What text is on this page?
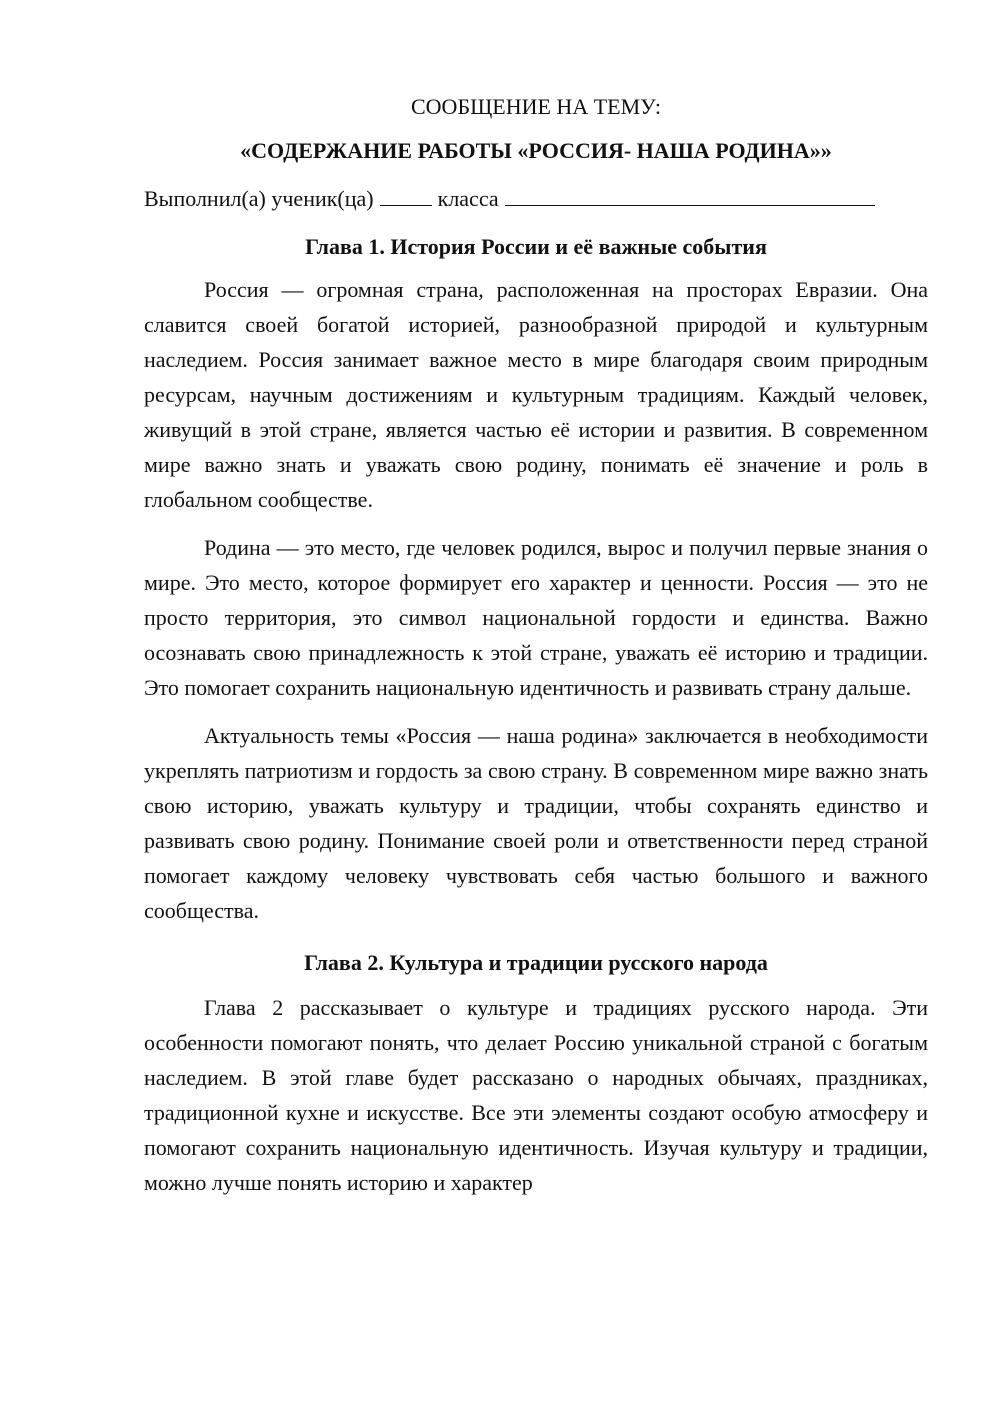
СООБЩЕНИЕ НА ТЕМУ:

«СОДЕРЖАНИЕ РАБОТЫ «РОССИЯ- НАША РОДИНА»»

Выполнил(а) ученик(ца)	класса

Глава 1. История России и её важные события

Россия — огромная страна, расположенная на просторах Евразии. Она славится своей богатой историей, разнообразной природой и культурным наследием. Россия занимает важное место в мире благодаря своим природным ресурсам, научным достижениям и культурным традициям. Каждый человек, живущий в этой стране, является частью её истории и развития. В современном мире важно знать и уважать свою родину, понимать её значение и роль в глобальном сообществе.

Родина — это место, где человек родился, вырос и получил первые знания о мире. Это место, которое формирует его характер и ценности. Россия — это не просто территория, это символ национальной гордости и единства. Важно осознавать свою принадлежность к этой стране, уважать её историю и традиции. Это помогает сохранить национальную идентичность и развивать страну дальше.

Актуальность темы «Россия — наша родина» заключается в необходимости укреплять патриотизм и гордость за свою страну. В современном мире важно знать свою историю, уважать культуру и традиции, чтобы сохранять единство и развивать свою родину. Понимание своей роли и ответственности перед страной помогает каждому человеку чувствовать себя частью большого и важного сообщества.

Глава 2. Культура и традиции русского народа

Глава 2 рассказывает о культуре и традициях русского народа. Эти особенности помогают понять, что делает Россию уникальной страной с богатым наследием. В этой главе будет рассказано о народных обычаях, праздниках, традиционной кухне и искусстве. Все эти элементы создают особую атмосферу и помогают сохранить национальную идентичность. Изучая культуру и традиции, можно лучше понять историю и характер
